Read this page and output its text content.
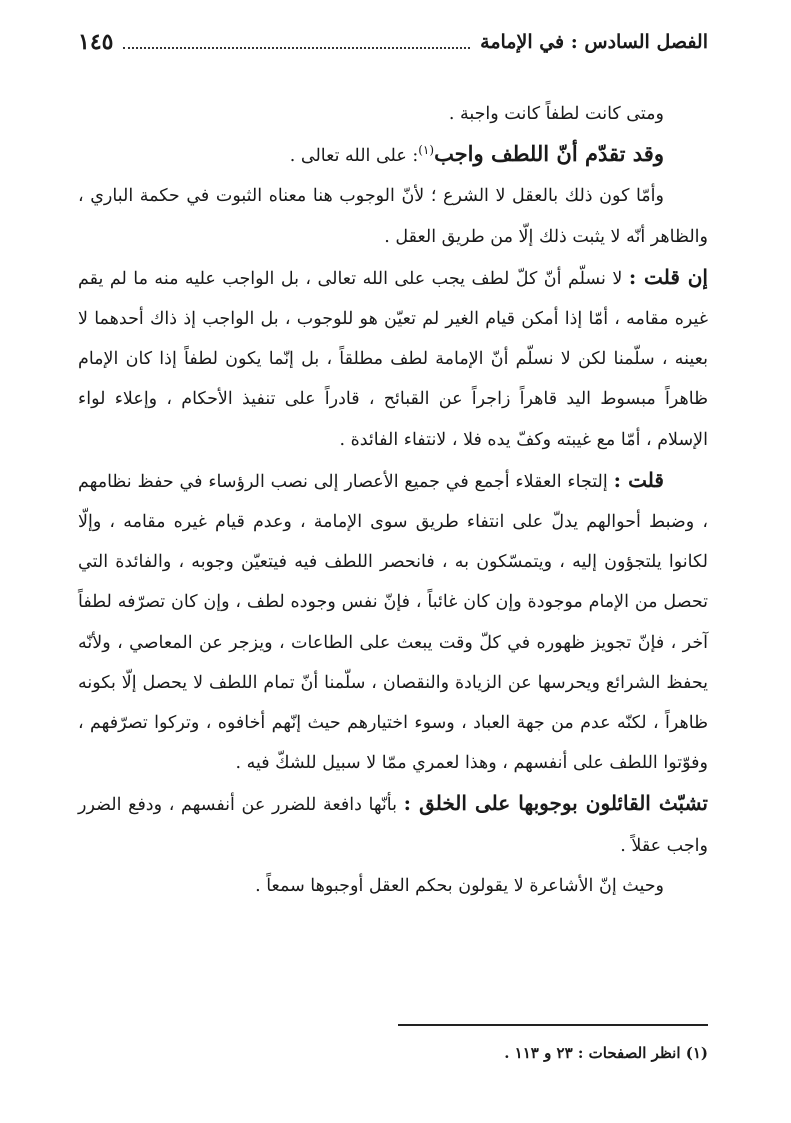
الفصل السادس : في الإمامة
١٤٥

ومتى كانت لطفاً كانت واجبة .

وقد تقدّم أنّ اللطف واجب$^{(١)}$: على الله تعالى .

وأمّا كون ذلك بالعقل لا الشرع ؛ لأنّ الوجوب هنا معناه الثبوت في حكمة الباري ، والظاهر أنّه لا يثبت ذلك إلّا من طريق العقل .

إن قلت : لا نسلّم أنّ كلّ لطف يجب على الله تعالى ، بل الواجب عليه منه ما لم يقم غيره مقامه ، أمّا إذا أمكن قيام الغير لم تعيّن هو للوجوب ، بل الواجب إذ ذاك أحدهما لا بعينه ، سلّمنا لكن لا نسلّم أنّ الإمامة لطف مطلقاً ، بل إنّما يكون لطفاً إذا كان الإمام ظاهراً مبسوط اليد قاهراً زاجراً عن القبائح ، قادراً على تنفيذ الأحكام ، وإعلاء لواء الإسلام ، أمّا مع غيبته وكفّ يده فلا ، لانتفاء الفائدة .

قلت : إلتجاء العقلاء أجمع في جميع الأعصار إلى نصب الرؤساء في حفظ نظامهم ، وضبط أحوالهم يدلّ على انتفاء طريق سوى الإمامة ، وعدم قيام غيره مقامه ، وإلّا لكانوا يلتجؤون إليه ، ويتمسّكون به ، فانحصر اللطف فيه فيتعيّن وجوبه ، والفائدة التي تحصل من الإمام موجودة وإن كان غائباً ، فإنّ نفس وجوده لطف ، وإن كان تصرّفه لطفاً آخر ، فإنّ تجويز ظهوره في كلّ وقت يبعث على الطاعات ، ويزجر عن المعاصي ، ولأنّه يحفظ الشرائع ويحرسها عن الزيادة والنقصان ، سلّمنا أنّ تمام اللطف لا يحصل إلّا بكونه ظاهراً ، لكنّه عدم من جهة العباد ، وسوء اختيارهم حيث إنّهم أخافوه ، وتركوا تصرّفهم ، وفوّتوا اللطف على أنفسهم ، وهذا لعمري ممّا لا سبيل للشكّ فيه .

تشبّث القائلون بوجوبها على الخلق : بأنّها دافعة للضرر عن أنفسهم ، ودفع الضرر واجب عقلاً .

وحيث إنّ الأشاعرة لا يقولون بحكم العقل أوجبوها سمعاً .

(١) انظر الصفحات : ٢٣ و ١١٣ .
